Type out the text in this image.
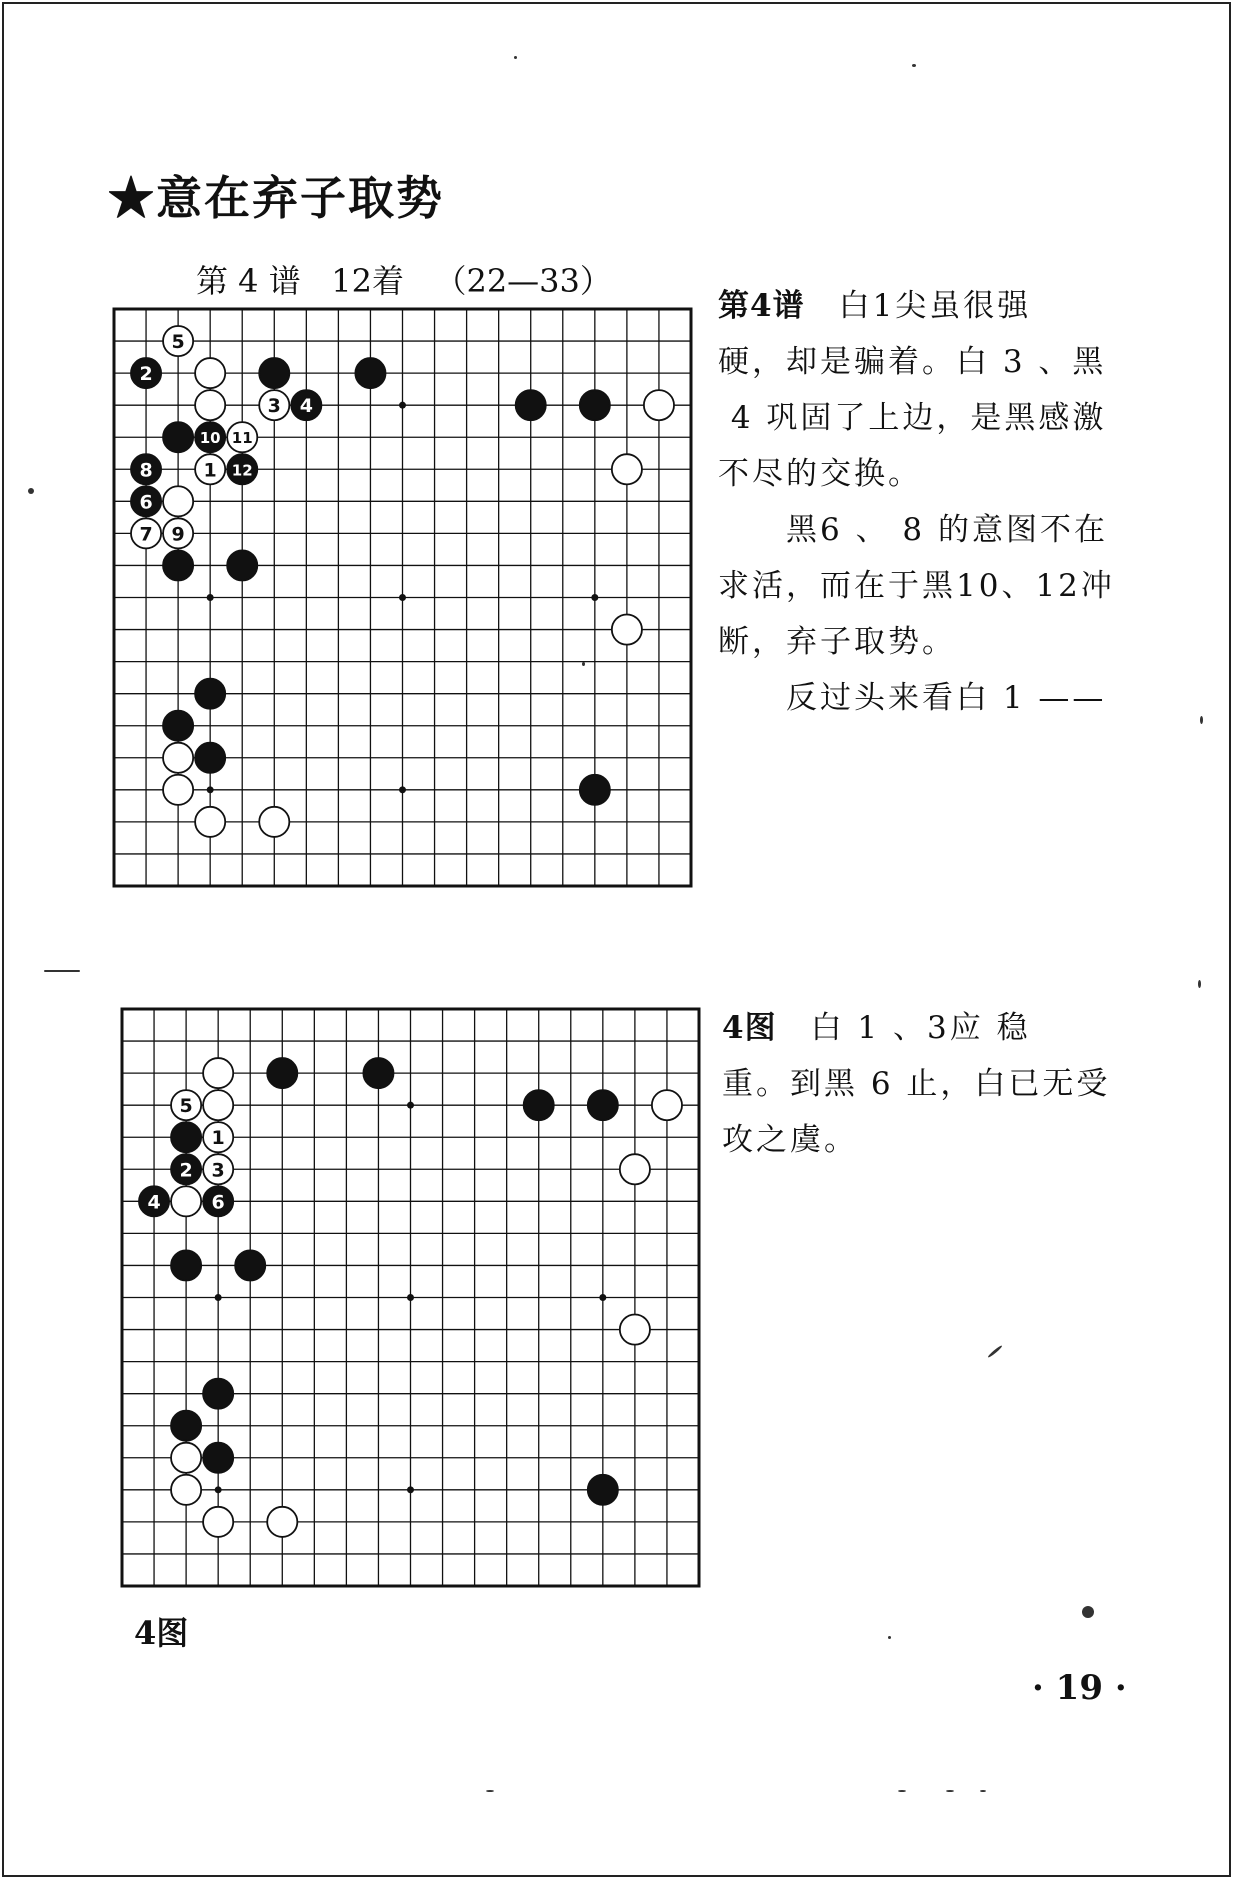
★意在弃子取势
第 4 谱   12着   （22—33）
5
2
3 4
10 11
8	1 12
6
7 9
第4谱　白1尖虽很强
硬，却是骗着。白 3 、黑
4 巩固了上边，是黑感激
不尽的交换。
　　黑6 、 8 的意图不在
求活，而在于黑10、12冲
断，弃子取势。
　　反过头来看白 1 ——
5
1
2 3
4	6
4图　白 1 、3应 稳
重。到黑 6 止，白已无受
攻之虞。
4图
· 19 ·
